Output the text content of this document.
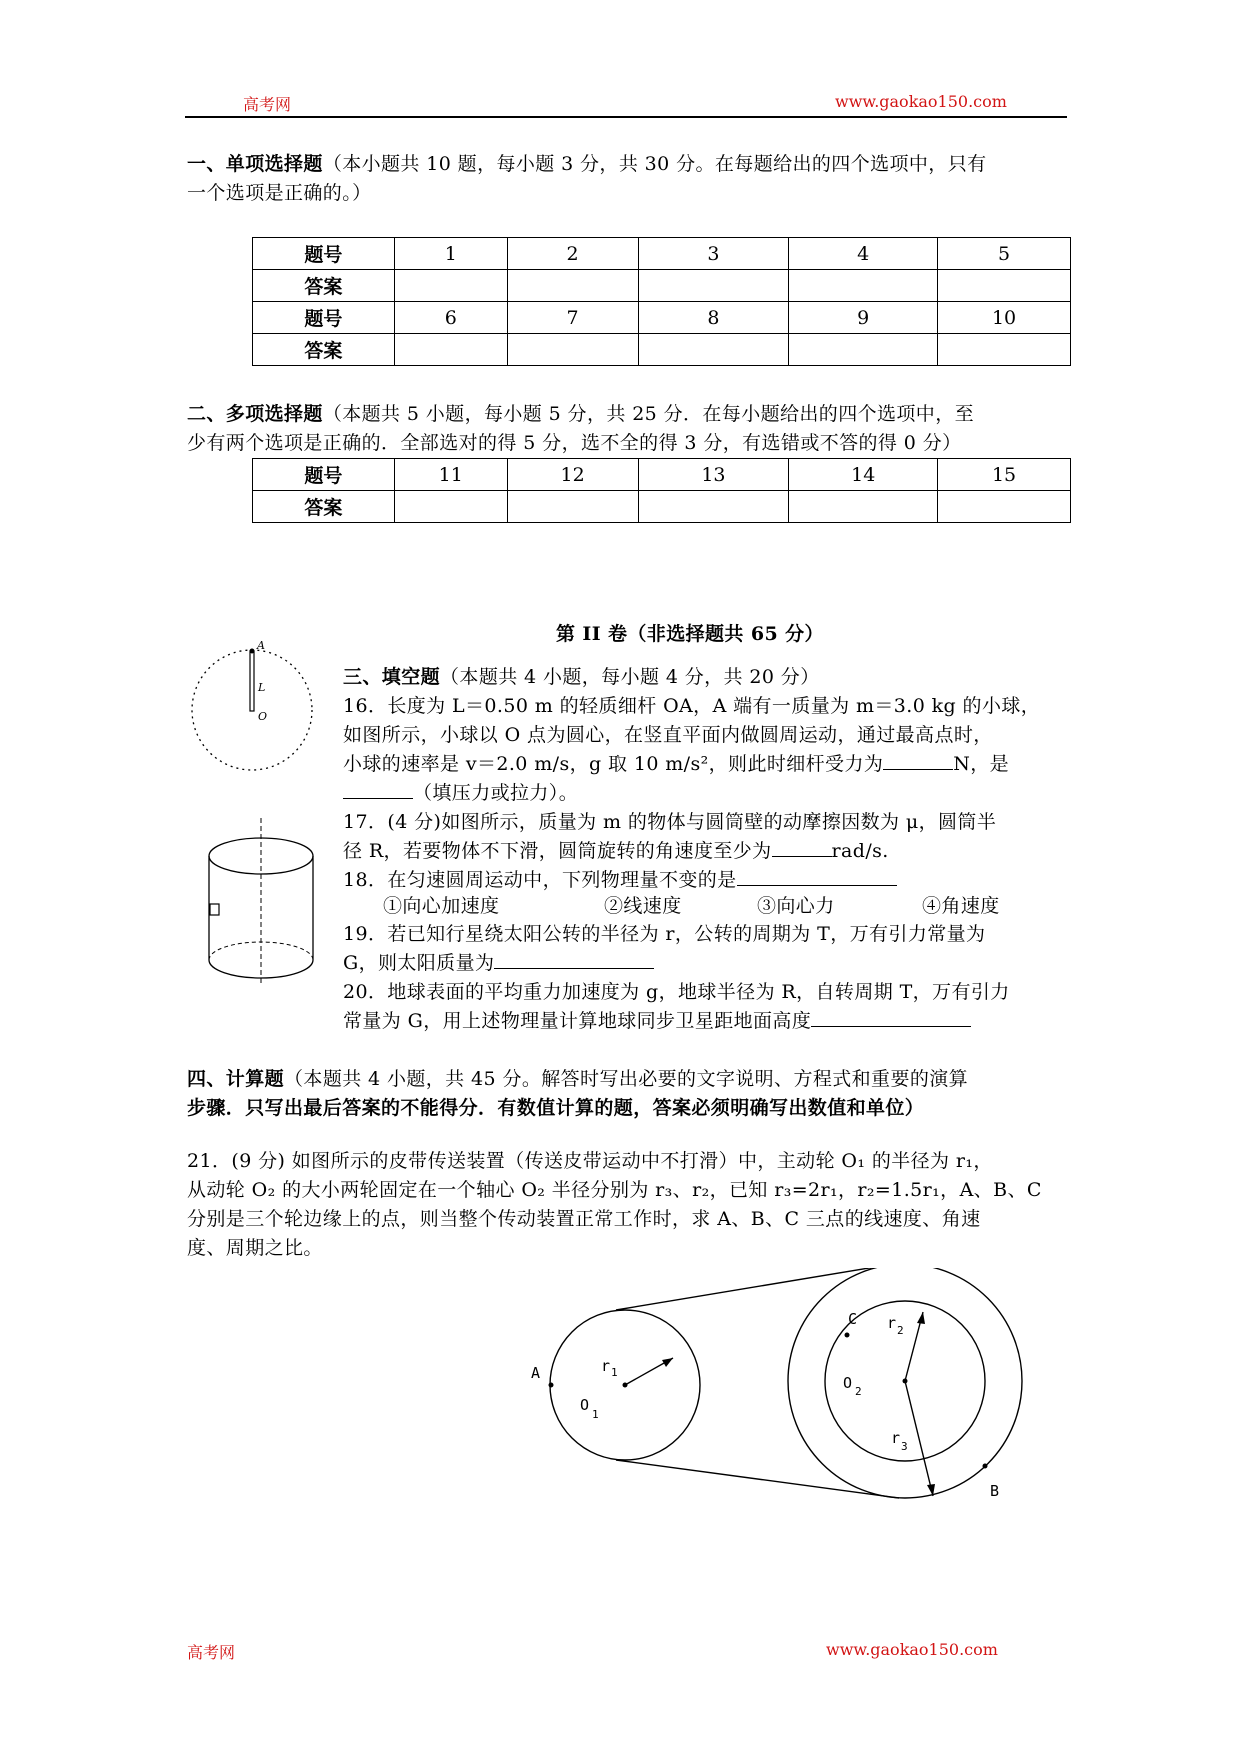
高考网	www.gaokao150.com
一、单项选择题（本小题共 10 题，每小题 3 分，共 30 分。在每题给出的四个选项中，只有
一个选项是正确的。）
题号	1	2	3	4	5
答案					
题号	6	7	8	9	10
答案					
二、多项选择题（本题共 5 小题，每小题 5 分，共 25 分．在每小题给出的四个选项中，至
少有两个选项是正确的．全部选对的得 5 分，选不全的得 3 分，有选错或不答的得 0 分）
题号	11	12	13	14	15
答案					
第 II 卷（非选择题共 65 分）
A
L
O
三、填空题（本题共 4 小题，每小题 4 分，共 20 分）
16．长度为 L＝0.50 m 的轻质细杆 OA，A 端有一质量为 m＝3.0 kg 的小球，
如图所示，小球以 O 点为圆心，在竖直平面内做圆周运动，通过最高点时，
小球的速率是 v＝2.0 m/s，g 取 10 m/s²，则此时细杆受力为	N，是
（填压力或拉力）。
17．(4 分)如图所示，质量为 m 的物体与圆筒壁的动摩擦因数为 μ，圆筒半
径 R，若要物体不下滑，圆筒旋转的角速度至少为	rad/s.
18．在匀速圆周运动中，下列物理量不变的是
①向心加速度	②线速度	③向心力	④角速度
19．若已知行星绕太阳公转的半径为 r，公转的周期为 T，万有引力常量为
G，则太阳质量为
20．地球表面的平均重力加速度为 g，地球半径为 R，自转周期 T，万有引力
常量为 G，用上述物理量计算地球同步卫星距地面高度
四、计算题（本题共 4 小题，共 45 分。解答时写出必要的文字说明、方程式和重要的演算
步骤．只写出最后答案的不能得分．有数值计算的题，答案必须明确写出数值和单位）
21．(9 分) 如图所示的皮带传送装置（传送皮带运动中不打滑）中，主动轮 O₁ 的半径为 r₁，
从动轮 O₂ 的大小两轮固定在一个轴心 O₂ 半径分别为 r₃、r₂，已知 r₃=2r₁，r₂=1.5r₁，A、B、C
分别是三个轮边缘上的点，则当整个传动装置正常工作时，求 A、B、C 三点的线速度、角速
度、周期之比。
A
B
C
r 1
O
1
r 2
O 2
r 3
高考网	www.gaokao150.com
